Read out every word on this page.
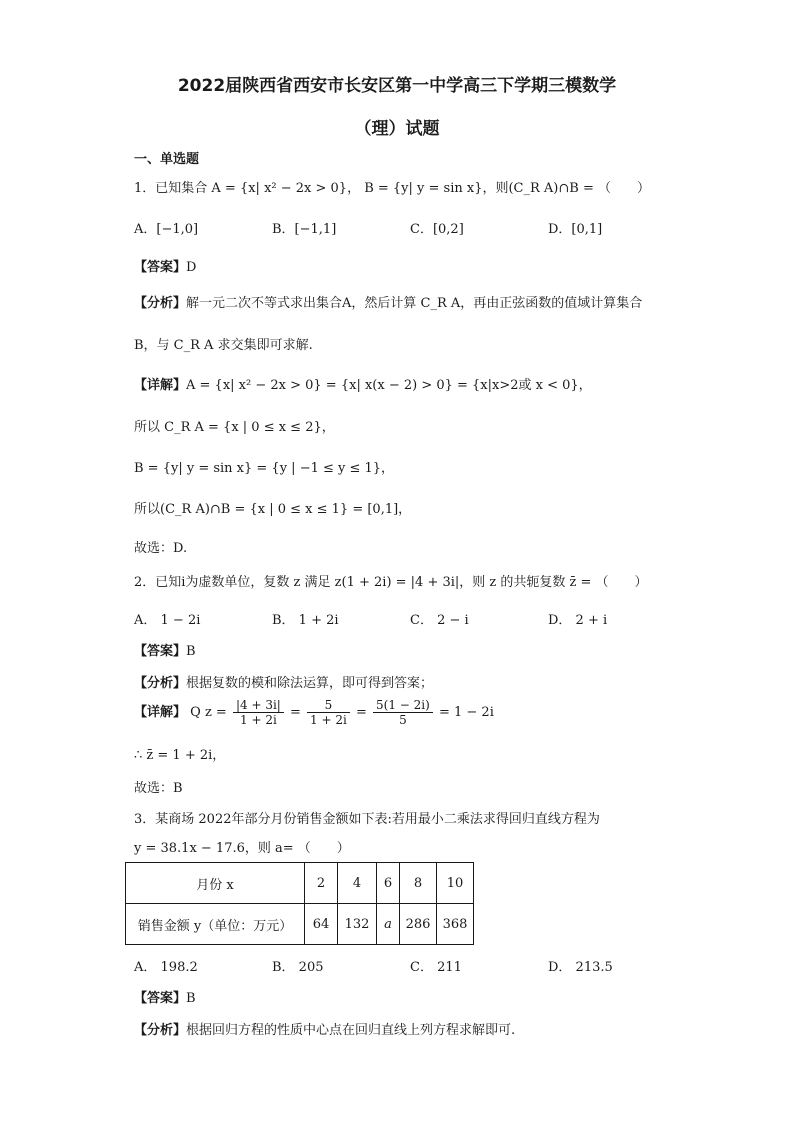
2022届陕西省西安市长安区第一中学高三下学期三模数学
（理）试题
一、单选题
1．已知集合 A = {x| x² − 2x > 0}， B = {y| y = sin x}，则(C_R A)∩B = （　　）
A．[−1,0]	B．[−1,1]	C．[0,2]	D．[0,1]
【答案】D
【分析】解一元二次不等式求出集合A，然后计算 C_R A，再由正弦函数的值域计算集合
B，与 C_R A 求交集即可求解.
【详解】A = {x| x² − 2x > 0} = {x| x(x − 2) > 0} = {x|x>2或 x < 0}，
所以 C_R A = {x | 0 ≤ x ≤ 2}，
B = {y| y = sin x} = {y | −1 ≤ y ≤ 1}，
所以(C_R A)∩B = {x | 0 ≤ x ≤ 1} = [0,1]，
故选：D.
2．已知i为虚数单位，复数 z 满足 z(1 + 2i) = |4 + 3i|，则 z 的共轭复数 z̄ = （　　）
A． 1 − 2i	B． 1 + 2i	C． 2 − i	D． 2 + i
【答案】B
【分析】根据复数的模和除法运算，即可得到答案；
【详解】 Q $z = \frac{|4 + 3i|}{1 + 2i} = \frac{5}{1 + 2i} = \frac{5(1 - 2i)}{5} = 1 - 2i$
∴ z̄ = 1 + 2i，
故选：B
3．某商场 2022年部分月份销售金额如下表:若用最小二乘法求得回归直线方程为
y = 38.1x − 17.6，则 a= （　　）
月份 x	2	4	6	8	10
销售金额 y（单位：万元）	64	132	a	286	368
A． 198.2	B． 205	C． 211	D． 213.5
【答案】B
【分析】根据回归方程的性质中心点在回归直线上列方程求解即可.
